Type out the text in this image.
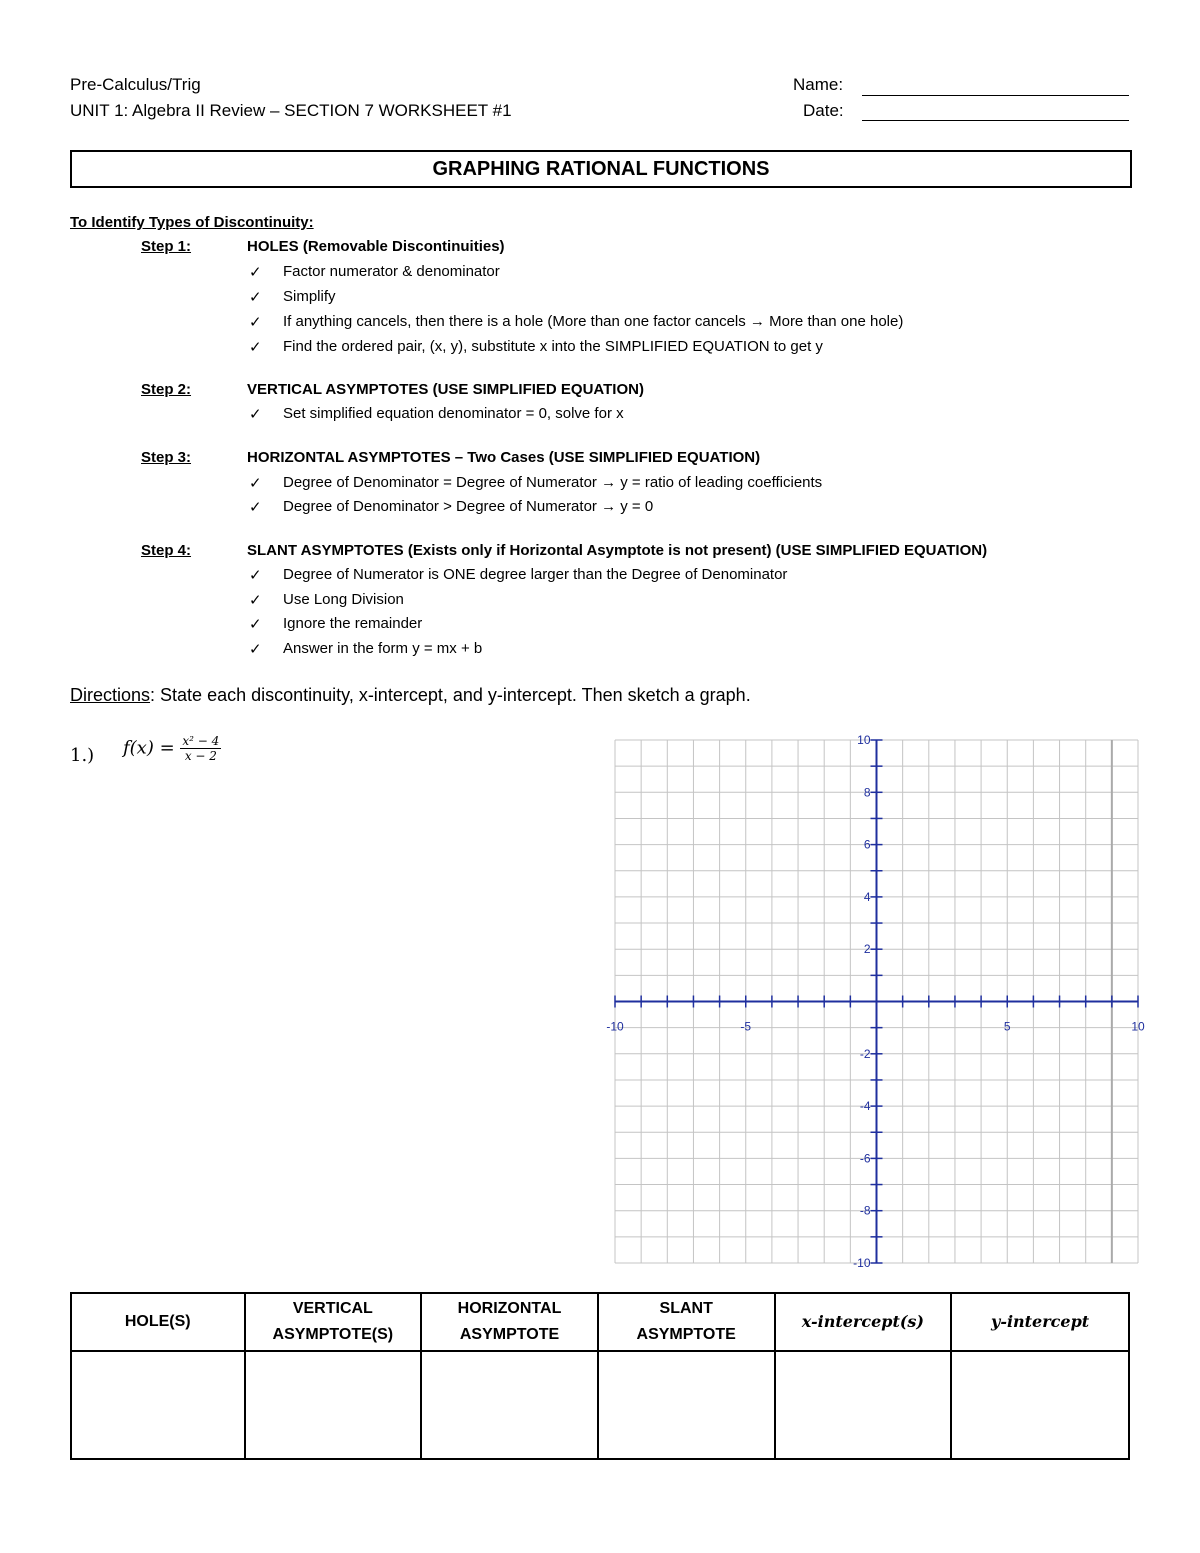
Pre-Calculus/Trig
UNIT 1: Algebra II Review – SECTION 7 WORKSHEET #1
Name:
Date:
GRAPHING RATIONAL FUNCTIONS
To Identify Types of Discontinuity:
Step 1:	HOLES (Removable Discontinuities)
✓ Factor numerator & denominator
✓ Simplify
✓ If anything cancels, then there is a hole (More than one factor cancels → More than one hole)
✓ Find the ordered pair, (x, y), substitute x into the SIMPLIFIED EQUATION to get y
Step 2:	VERTICAL ASYMPTOTES (USE SIMPLIFIED EQUATION)
✓ Set simplified equation denominator = 0, solve for x
Step 3:	HORIZONTAL ASYMPTOTES – Two Cases (USE SIMPLIFIED EQUATION)
✓ Degree of Denominator = Degree of Numerator → y = ratio of leading coefficients
✓ Degree of Denominator > Degree of Numerator → y = 0
Step 4:	SLANT ASYMPTOTES (Exists only if Horizontal Asymptote is not present) (USE SIMPLIFIED EQUATION)
✓ Degree of Numerator is ONE degree larger than the Degree of Denominator
✓ Use Long Division
✓ Ignore the remainder
✓ Answer in the form y = mx + b
Directions: State each discontinuity, x-intercept, and y-intercept. Then sketch a graph.
1.) $f(x) = \frac{\text{x² − 4}}{x - 2}$
-10	-5	5	10
10
8
6
4
2
-2
-4
-6
-8
-10
HOLE(S)	VERTICAL ASYMPTOTE(S)	HORIZONTAL ASYMPTOTE	SLANT ASYMPTOTE	x-intercept(s)	y-intercept
